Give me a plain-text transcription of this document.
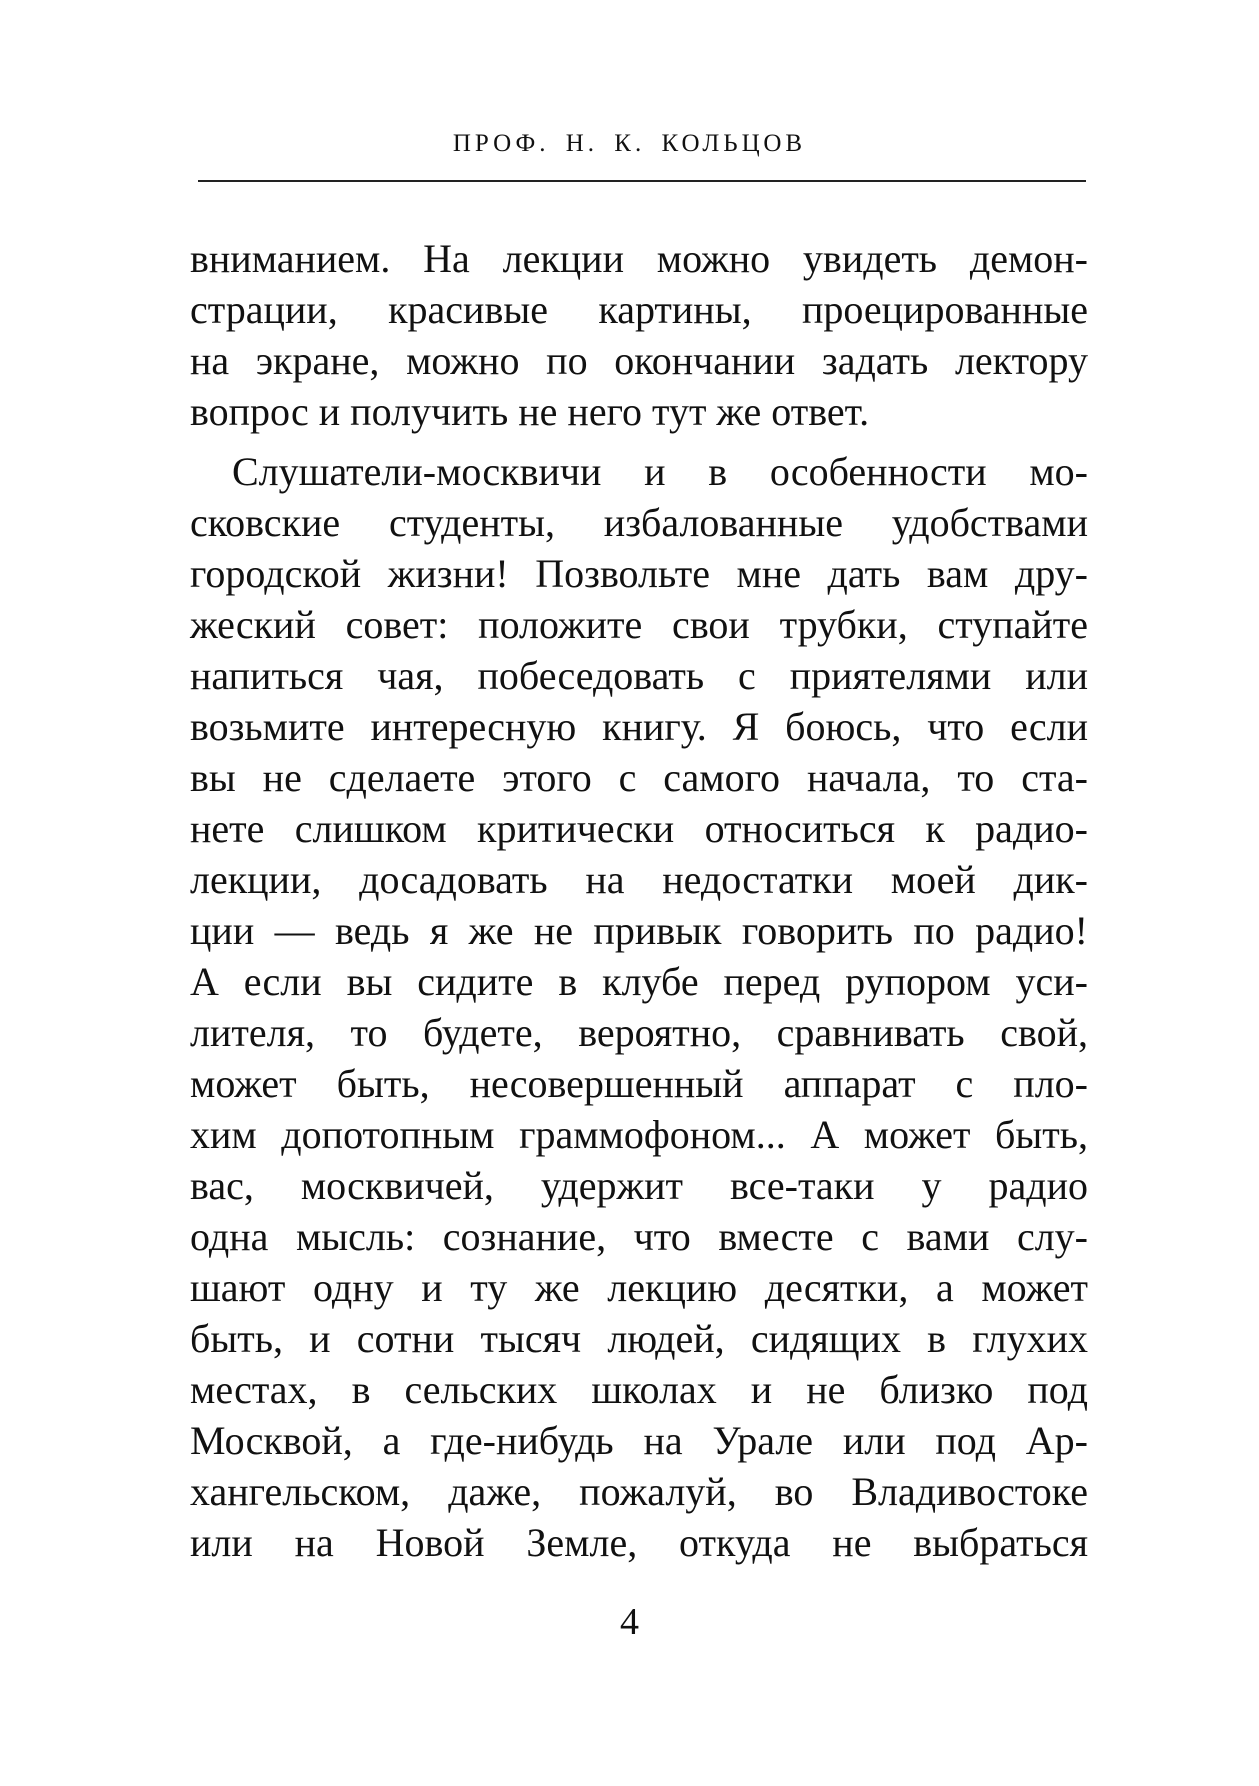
ПРОФ. Н. К. КОЛЬЦОВ
вниманием. На лекции можно увидеть демон-
страции, красивые картины, проецированные
на экране, можно по окончании задать лектору
вопрос и получить не него тут же ответ.
Слушатели-москвичи и в особенности мо-
сковские студенты, избалованные удобствами
городской жизни! Позвольте мне дать вам дру-
жеский совет: положите свои трубки, ступайте
напиться чая, побеседовать с приятелями или
возьмите интересную книгу. Я боюсь, что если
вы не сделаете этого с самого начала, то ста-
нете слишком критически относиться к радио-
лекции, досадовать на недостатки моей дик-
ции — ведь я же не привык говорить по радио!
А если вы сидите в клубе перед рупором уси-
лителя, то будете, вероятно, сравнивать свой,
может быть, несовершенный аппарат с пло-
хим допотопным граммофоном... А может быть,
вас, москвичей, удержит все-таки у радио
одна мысль: сознание, что вместе с вами слу-
шают одну и ту же лекцию десятки, а может
быть, и сотни тысяч людей, сидящих в глухих
местах, в сельских школах и не близко под
Москвой, а где-нибудь на Урале или под Ар-
хангельском, даже, пожалуй, во Владивостоке
или на Новой Земле, откуда не выбраться
4
